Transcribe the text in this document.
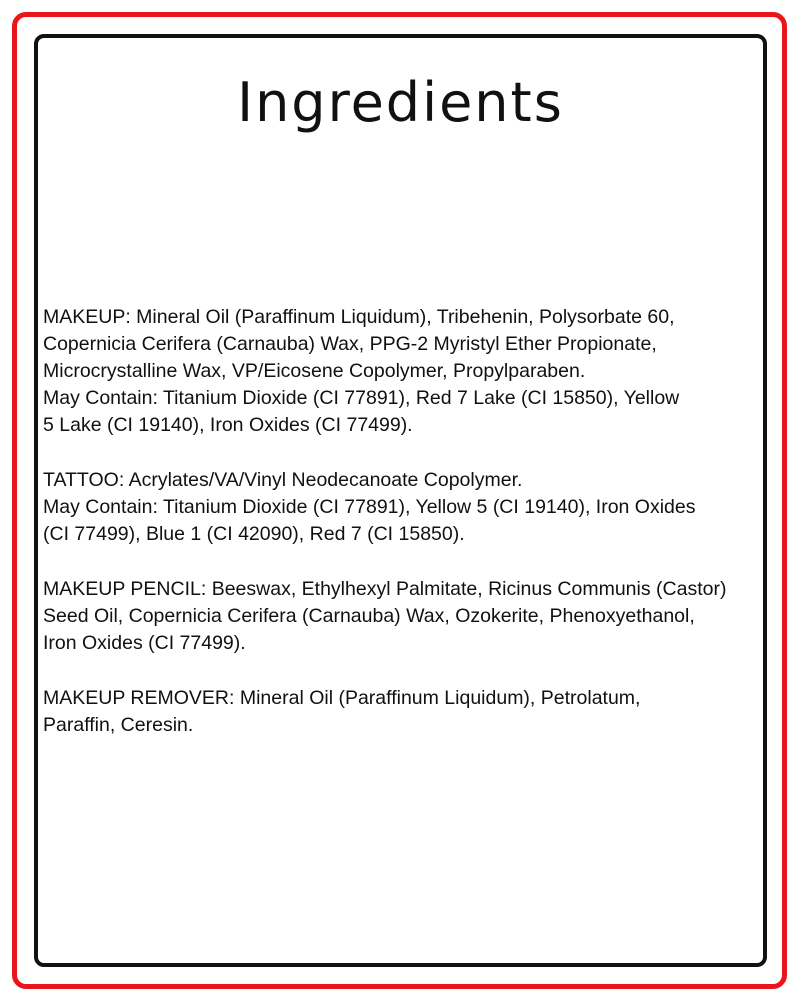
Ingredients
MAKEUP: Mineral Oil (Paraffinum Liquidum), Tribehenin, Polysorbate 60,
Copernicia Cerifera (Carnauba) Wax, PPG-2 Myristyl Ether Propionate,
Microcrystalline Wax, VP/Eicosene Copolymer, Propylparaben.
May Contain: Titanium Dioxide (CI 77891), Red 7 Lake (CI 15850), Yellow
5 Lake (CI 19140), Iron Oxides (CI 77499).
TATTOO: Acrylates/VA/Vinyl Neodecanoate Copolymer.
May Contain: Titanium Dioxide (CI 77891), Yellow 5 (CI 19140), Iron Oxides
(CI 77499), Blue 1 (CI 42090), Red 7 (CI 15850).
MAKEUP PENCIL: Beeswax, Ethylhexyl Palmitate, Ricinus Communis (Castor)
Seed Oil, Copernicia Cerifera (Carnauba) Wax, Ozokerite, Phenoxyethanol,
Iron Oxides (CI 77499).
MAKEUP REMOVER: Mineral Oil (Paraffinum Liquidum), Petrolatum,
Paraffin, Ceresin.
